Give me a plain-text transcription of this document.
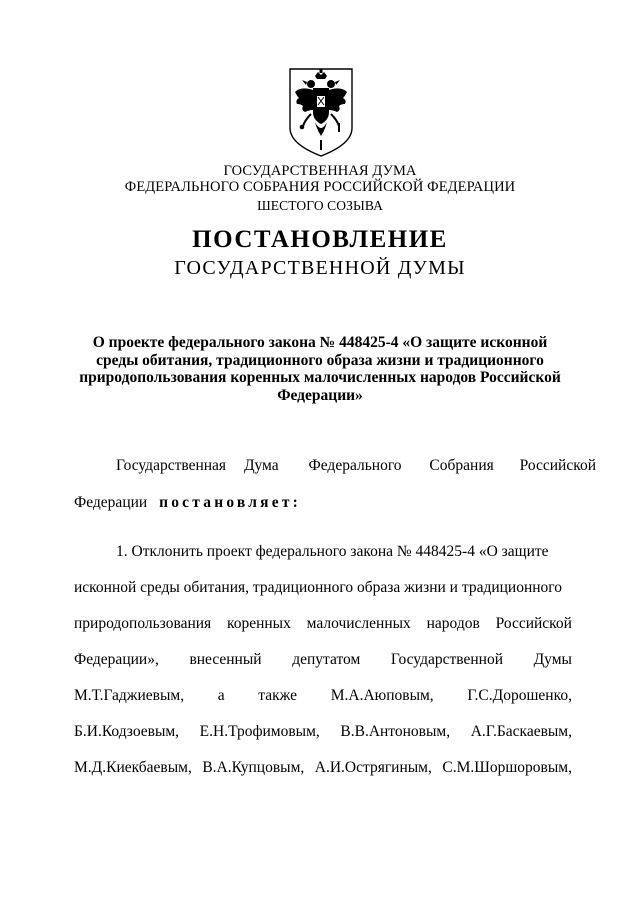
ГОСУДАРСТВЕННАЯ ДУМА
ФЕДЕРАЛЬНОГО СОБРАНИЯ РОССИЙСКОЙ ФЕДЕРАЦИИ
ШЕСТОГО СОЗЫВА
ПОСТАНОВЛЕНИЕ
ГОСУДАРСТВЕННОЙ ДУМЫ
О проекте федерального закона № 448425-4 «О защите исконной
среды обитания, традиционного образа жизни и традиционного
природопользования коренных малочисленных народов Российской
Федерации»
Государственная Дума Федерального Собрания Российской
Федерации постановляет:
1. Отклонить проект федерального закона № 448425-4 «О защите
исконной среды обитания, традиционного образа жизни и традиционного
природопользования коренных малочисленных народов Российской
Федерации», внесенный депутатом Государственной Думы
М.Т.Гаджиевым, а также М.А.Аюповым, Г.С.Дорошенко,
Б.И.Кодзоевым, Е.Н.Трофимовым, В.В.Антоновым, А.Г.Баскаевым,
М.Д.Киекбаевым, В.А.Купцовым, А.И.Острягиным, С.М.Шоршоровым,
